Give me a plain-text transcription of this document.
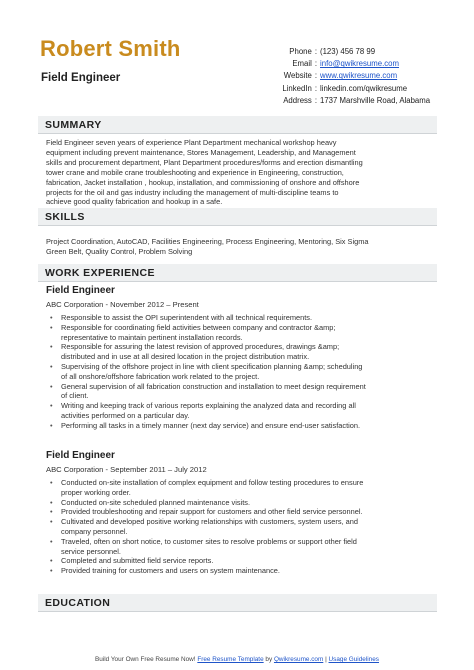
Robert Smith
Field Engineer
Phone : (123) 456 78 99
Email : info@qwikresume.com
Website : www.qwikresume.com
LinkedIn : linkedin.com/qwikresume
Address : 1737 Marshville Road, Alabama
SUMMARY
Field Engineer seven years of experience Plant Department mechanical workshop heavy
equipment including prevent maintenance, Stores Management, Leadership, and Management
skills and procurement department, Plant Department procedures/forms and erection dismantling
tower crane and mobile crane troubleshooting and experience in Engineering, construction,
fabrication, Jacket installation , hookup, installation, and commissioning of onshore and offshore
projects for the oil and gas industry including the management of multi-discipline teams to
achieve good quality fabrication and hookup in a safe.
SKILLS
Project Coordination, AutoCAD, Facilities Engineering, Process Engineering, Mentoring, Six Sigma
Green Belt, Quality Control, Problem Solving
WORK EXPERIENCE
Field Engineer
ABC Corporation - November 2012 – Present
• Responsible to assist the OPI superintendent with all technical requirements.
• Responsible for coordinating field activities between company and contractor &amp;
representative to maintain pertinent installation records.
• Responsible for assuring the latest revision of approved procedures, drawings &amp;
distributed and in use at all desired location in the project distribution matrix.
• Supervising of the offshore project in line with client specification planning &amp; scheduling
of all onshore/offshore fabrication work related to the project.
• General supervision of all fabrication construction and installation to meet design requirement
of client.
• Writing and keeping track of various reports explaining the analyzed data and recording all
activities performed on a particular day.
• Performing all tasks in a timely manner (next day service) and ensure end-user satisfaction.
Field Engineer
ABC Corporation - September 2011 – July 2012
• Conducted on-site installation of complex equipment and follow testing procedures to ensure
proper working order.
• Conducted on-site scheduled planned maintenance visits.
• Provided troubleshooting and repair support for customers and other field service personnel.
• Cultivated and developed positive working relationships with customers, system users, and
company personnel.
• Traveled, often on short notice, to customer sites to resolve problems or support other field
service personnel.
• Completed and submitted field service reports.
• Provided training for customers and users on system maintenance.
EDUCATION
Build Your Own Free Resume Now! Free Resume Template by Qwikresume.com | Usage Guidelines
